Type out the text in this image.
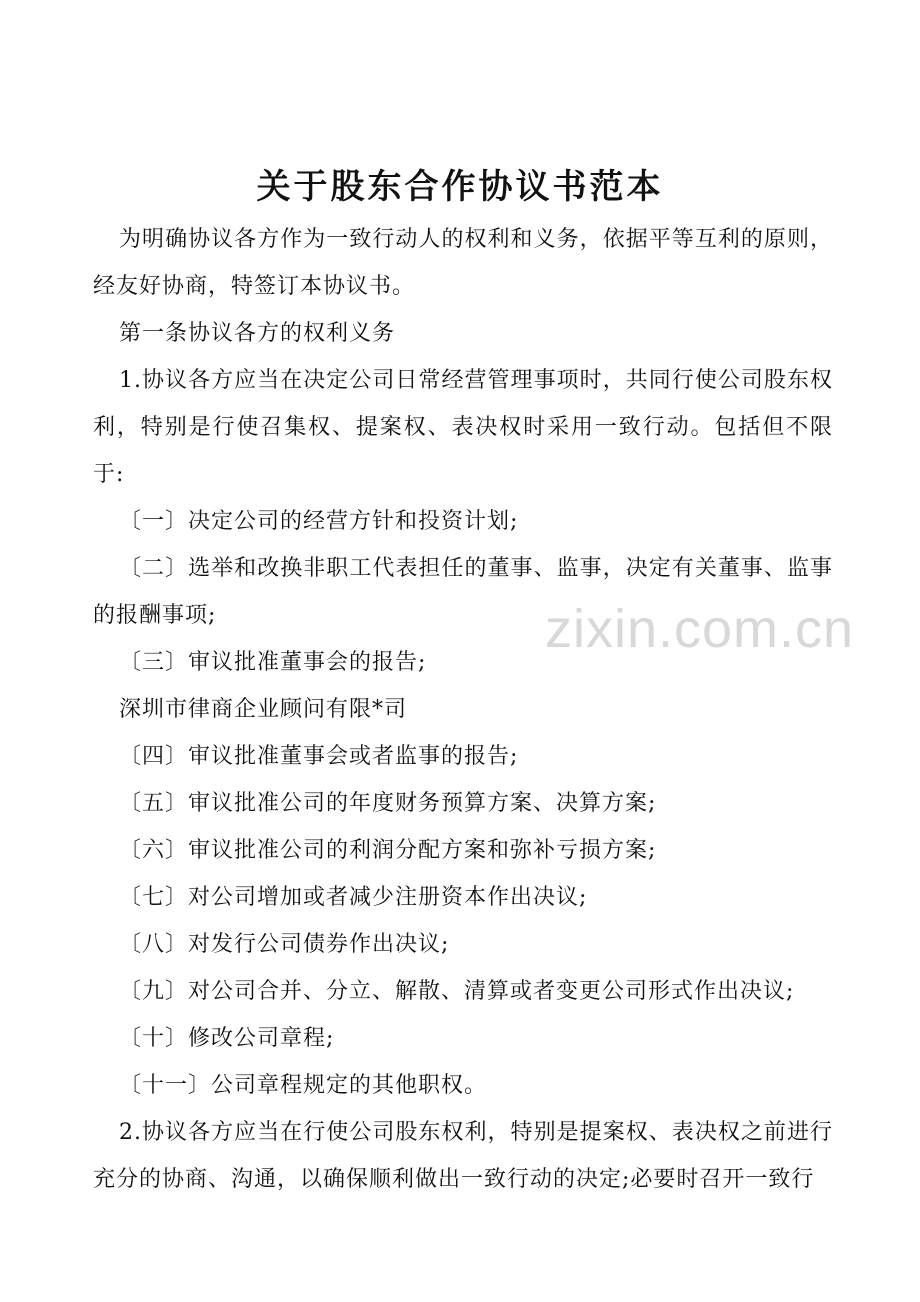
关于股东合作协议书范本

为明确协议各方作为一致行动人的权利和义务，依据平等互利的原则，经友好协商，特签订本协议书。

第一条协议各方的权利义务

1.协议各方应当在决定公司日常经营管理事项时，共同行使公司股东权利，特别是行使召集权、提案权、表决权时采用一致行动。包括但不限于:

〔一〕决定公司的经营方针和投资计划;

〔二〕选举和改换非职工代表担任的董事、监事，决定有关董事、监事的报酬事项;

〔三〕审议批准董事会的报告;

深圳市律商企业顾问有限*司

〔四〕审议批准董事会或者监事的报告;

〔五〕审议批准公司的年度财务预算方案、决算方案;

〔六〕审议批准公司的利润分配方案和弥补亏损方案;

〔七〕对公司增加或者减少注册资本作出决议;

〔八〕对发行公司债券作出决议;

〔九〕对公司合并、分立、解散、清算或者变更公司形式作出决议;

〔十〕修改公司章程;

〔十一〕公司章程规定的其他职权。

2.协议各方应当在行使公司股东权利，特别是提案权、表决权之前进行充分的协商、沟通，以确保顺利做出一致行动的决定;必要时召开一致行

zixin.com.cn
